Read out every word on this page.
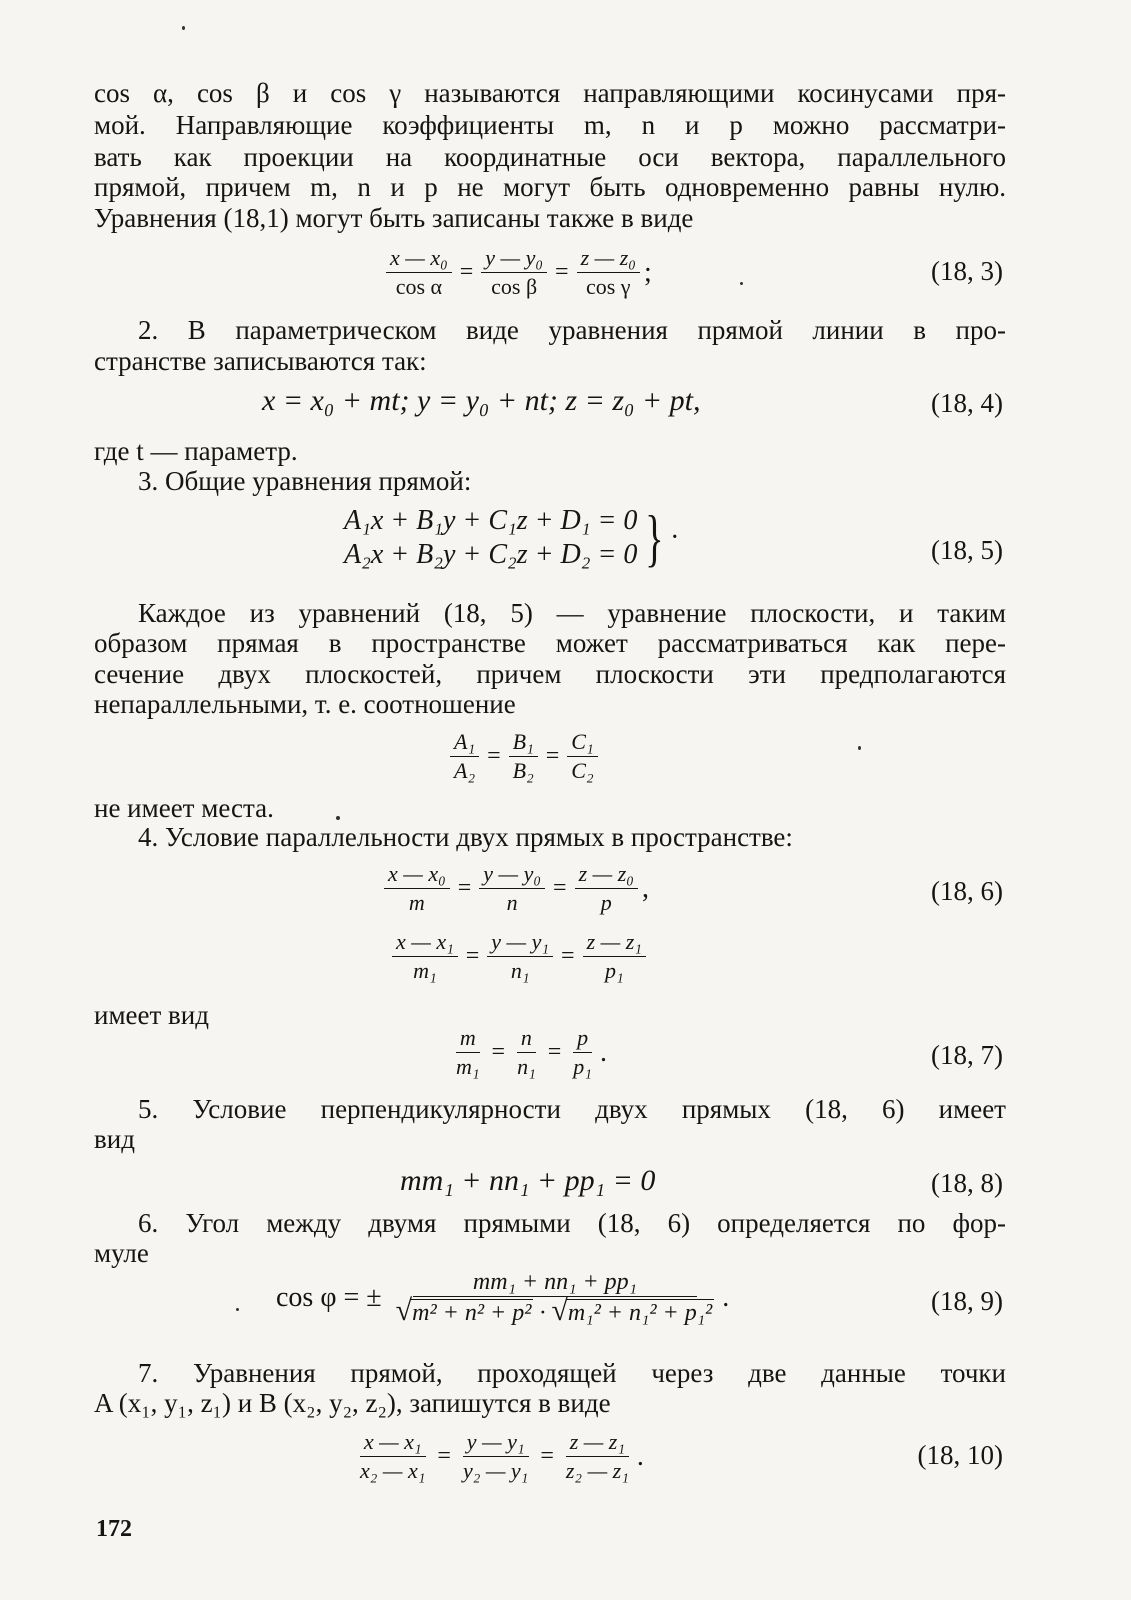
cos α, cos β и cos γ называются направляющими косинусами пря-
мой. Направляющие коэффициенты m, n и p можно рассматри-
вать как проекции на координатные оси вектора, параллельного
прямой, причем m, n и p не могут быть одновременно равны нулю.
Уравнения (18,1) могут быть записаны также в виде
$\frac{\text{x — x₀}}{\text{cos α}} = \frac{\text{y — y₀}}{\text{cos β}} = \frac{\text{z — z₀}}{\text{cos γ}}$ ;	(18, 3)
2. В параметрическом виде уравнения прямой линии в про-
странстве записываются так:
x = x₀ + mt; y = y₀ + nt; z = z₀ + pt,	(18, 4)
где t — параметр.
3. Общие уравнения прямой:
A₁x + B₁y + C₁z + D₁ = 0
A₂x + B₂y + C₂z + D₂ = 0 } ·	(18, 5)
Каждое из уравнений (18, 5) — уравнение плоскости, и таким
образом прямая в пространстве может рассматриваться как пере-
сечение двух плоскостей, причем плоскости эти предполагаются
непараллельными, т. е. соотношение
$\frac{\text{A₁}}{\text{A₂}} = \frac{\text{B₁}}{\text{B₂}} = \frac{\text{C₁}}{\text{C₂}}$
не имеет места.
4. Условие параллельности двух прямых в пространстве:
$\frac{\text{x — x₀}}{m} = \frac{\text{y — y₀}}{n} = \frac{\text{z — z₀}}{p}$ ,	(18, 6)
$\frac{\text{x — x₁}}{\text{m₁}} = \frac{\text{y — y₁}}{\text{n₁}} = \frac{\text{z — z₁}}{\text{p₁}}$
имеет вид
$\frac{m}{\text{m₁}} = \frac{n}{\text{n₁}} = \frac{p}{\text{p₁}}$ .	(18, 7)
5. Условие перпендикулярности двух прямых (18, 6) имеет
вид
mm₁ + nn₁ + pp₁ = 0	(18, 8)
6. Угол между двумя прямыми (18, 6) определяется по фор-
муле
cos φ = ± $\frac{\text{mm₁ + nn₁ + pp₁}}{\text{√m² + n² + p² · √m₁² + n₁² + p₁²}}$ .	(18, 9)
7. Уравнения прямой, проходящей через две данные точки
A (x₁, y₁, z₁) и B (x₂, y₂, z₂), запишутся в виде
$\frac{\text{x — x₁}}{\text{x₂ — x₁}} = \frac{\text{y — y₁}}{\text{y₂ — y₁}} = \frac{\text{z — z₁}}{\text{z₂ — z₁}}$ .	(18, 10)
172
